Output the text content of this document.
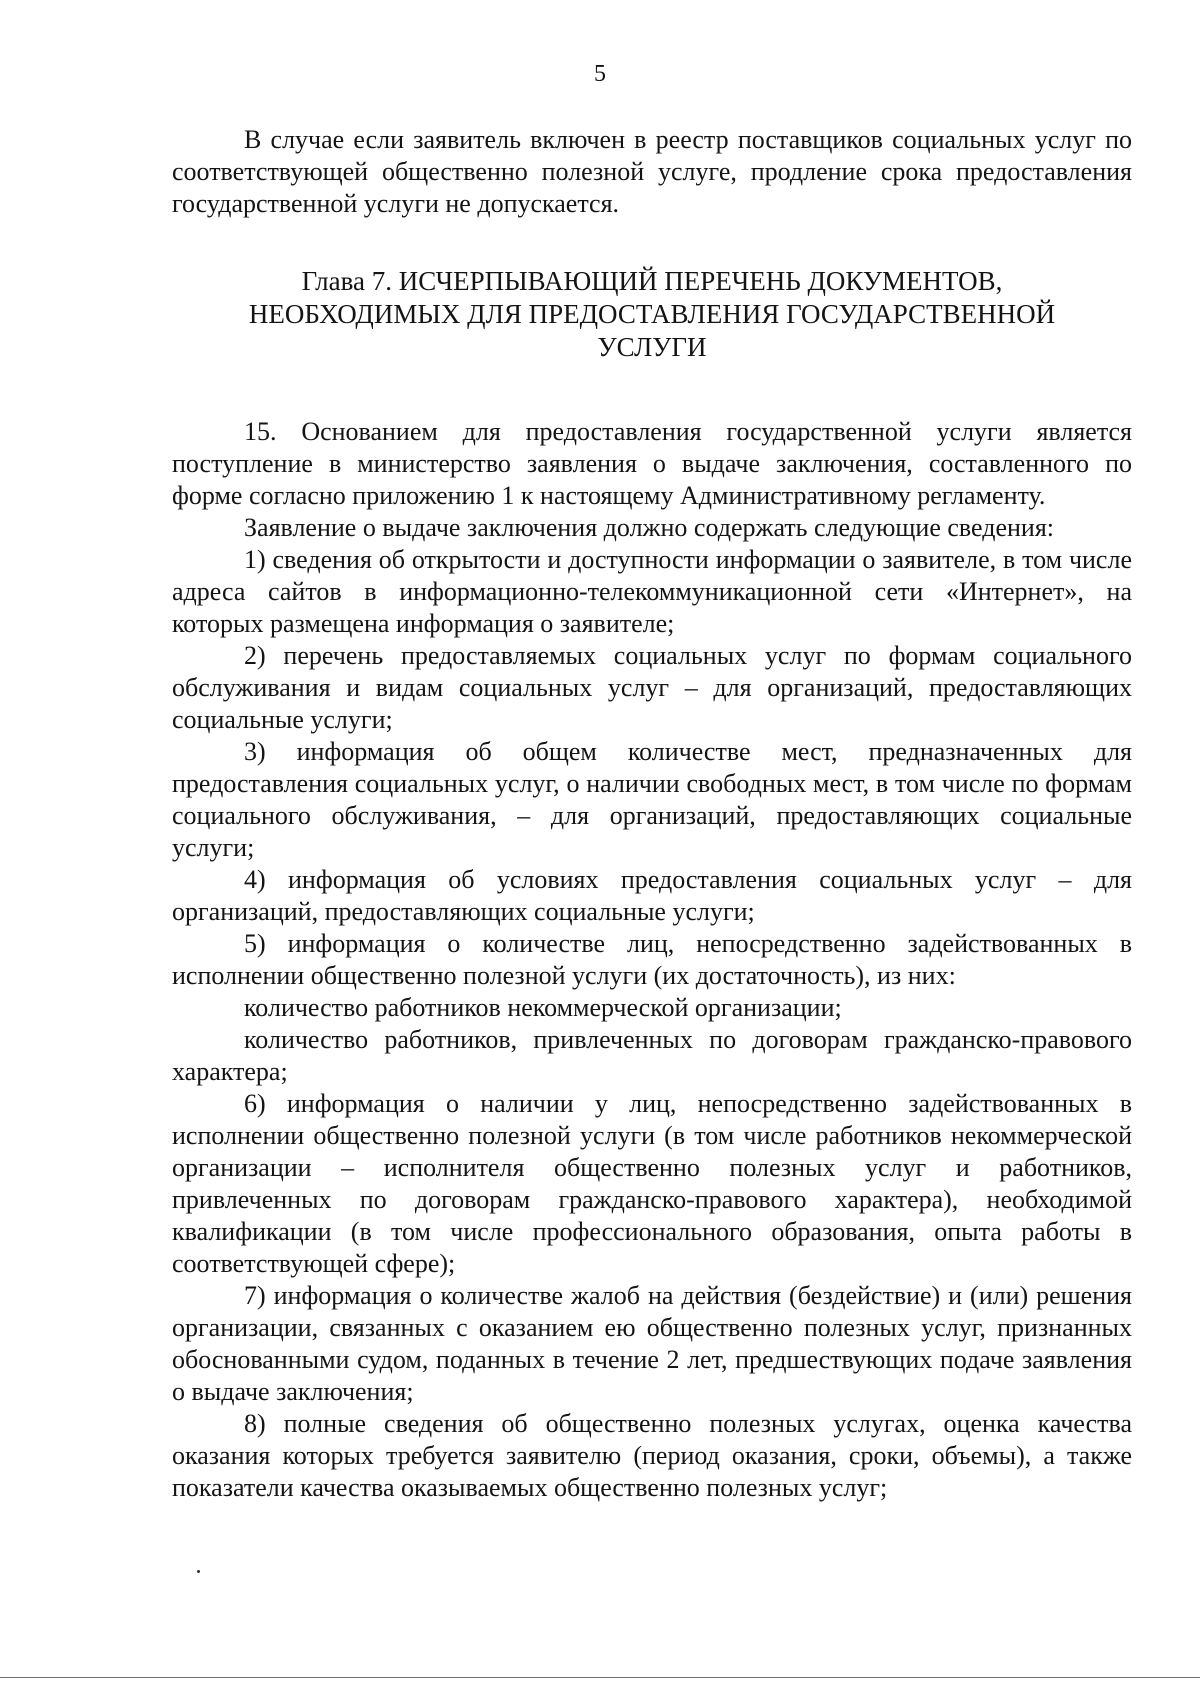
5

В случае если заявитель включен в реестр поставщиков социальных услуг по соответствующей общественно полезной услуге, продление срока предоставления государственной услуги не допускается.

Глава 7. ИСЧЕРПЫВАЮЩИЙ ПЕРЕЧЕНЬ ДОКУМЕНТОВ,
НЕОБХОДИМЫХ ДЛЯ ПРЕДОСТАВЛЕНИЯ ГОСУДАРСТВЕННОЙ
УСЛУГИ

15. Основанием для предоставления государственной услуги является поступление в министерство заявления о выдаче заключения, составленного по форме согласно приложению 1 к настоящему Административному регламенту.

Заявление о выдаче заключения должно содержать следующие сведения:

1) сведения об открытости и доступности информации о заявителе, в том числе адреса сайтов в информационно-телекоммуникационной сети «Интернет», на которых размещена информация о заявителе;

2) перечень предоставляемых социальных услуг по формам социального обслуживания и видам социальных услуг – для организаций, предоставляющих социальные услуги;

3) информация об общем количестве мест, предназначенных для предоставления социальных услуг, о наличии свободных мест, в том числе по формам социального обслуживания, – для организаций, предоставляющих социальные услуги;

4) информация об условиях предоставления социальных услуг – для организаций, предоставляющих социальные услуги;

5) информация о количестве лиц, непосредственно задействованных в исполнении общественно полезной услуги (их достаточность), из них:

количество работников некоммерческой организации;

количество работников, привлеченных по договорам гражданско-правового характера;

6) информация о наличии у лиц, непосредственно задействованных в исполнении общественно полезной услуги (в том числе работников некоммерческой организации – исполнителя общественно полезных услуг и работников, привлеченных по договорам гражданско-правового характера), необходимой квалификации (в том числе профессионального образования, опыта работы в соответствующей сфере);

7) информация о количестве жалоб на действия (бездействие) и (или) решения организации, связанных с оказанием ею общественно полезных услуг, признанных обоснованными судом, поданных в течение 2 лет, предшествующих подаче заявления о выдаче заключения;

8) полные сведения об общественно полезных услугах, оценка качества оказания которых требуется заявителю (период оказания, сроки, объемы), а также показатели качества оказываемых общественно полезных услуг;
